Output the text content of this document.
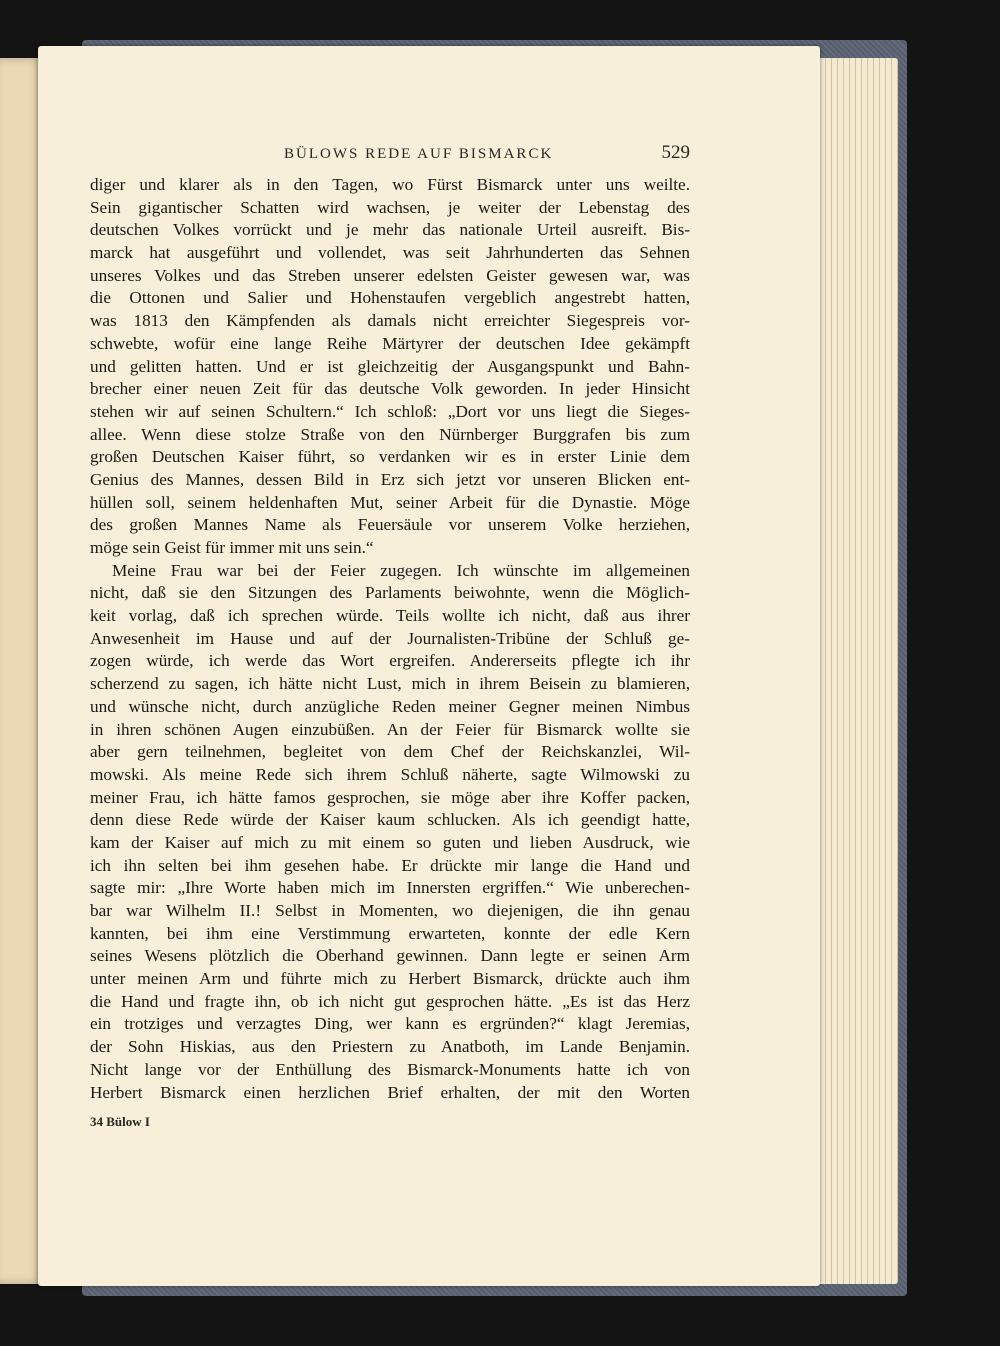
BÜLOWS REDE AUF BISMARCK	529
diger und klarer als in den Tagen, wo Fürst Bismarck unter uns weilte.
Sein gigantischer Schatten wird wachsen, je weiter der Lebenstag des
deutschen Volkes vorrückt und je mehr das nationale Urteil ausreift. Bis-
marck hat ausgeführt und vollendet, was seit Jahrhunderten das Sehnen
unseres Volkes und das Streben unserer edelsten Geister gewesen war, was
die Ottonen und Salier und Hohenstaufen vergeblich angestrebt hatten,
was 1813 den Kämpfenden als damals nicht erreichter Siegespreis vor-
schwebte, wofür eine lange Reihe Märtyrer der deutschen Idee gekämpft
und gelitten hatten. Und er ist gleichzeitig der Ausgangspunkt und Bahn-
brecher einer neuen Zeit für das deutsche Volk geworden. In jeder Hinsicht
stehen wir auf seinen Schultern.“ Ich schloß: „Dort vor uns liegt die Sieges-
allee. Wenn diese stolze Straße von den Nürnberger Burggrafen bis zum
großen Deutschen Kaiser führt, so verdanken wir es in erster Linie dem
Genius des Mannes, dessen Bild in Erz sich jetzt vor unseren Blicken ent-
hüllen soll, seinem heldenhaften Mut, seiner Arbeit für die Dynastie. Möge
des großen Mannes Name als Feuersäule vor unserem Volke herziehen,
möge sein Geist für immer mit uns sein.“
Meine Frau war bei der Feier zugegen. Ich wünschte im allgemeinen
nicht, daß sie den Sitzungen des Parlaments beiwohnte, wenn die Möglich-
keit vorlag, daß ich sprechen würde. Teils wollte ich nicht, daß aus ihrer
Anwesenheit im Hause und auf der Journalisten-Tribüne der Schluß ge-
zogen würde, ich werde das Wort ergreifen. Andererseits pflegte ich ihr
scherzend zu sagen, ich hätte nicht Lust, mich in ihrem Beisein zu blamieren,
und wünsche nicht, durch anzügliche Reden meiner Gegner meinen Nimbus
in ihren schönen Augen einzubüßen. An der Feier für Bismarck wollte sie
aber gern teilnehmen, begleitet von dem Chef der Reichskanzlei, Wil-
mowski. Als meine Rede sich ihrem Schluß näherte, sagte Wilmowski zu
meiner Frau, ich hätte famos gesprochen, sie möge aber ihre Koffer packen,
denn diese Rede würde der Kaiser kaum schlucken. Als ich geendigt hatte,
kam der Kaiser auf mich zu mit einem so guten und lieben Ausdruck, wie
ich ihn selten bei ihm gesehen habe. Er drückte mir lange die Hand und
sagte mir: „Ihre Worte haben mich im Innersten ergriffen.“ Wie unberechen-
bar war Wilhelm II.! Selbst in Momenten, wo diejenigen, die ihn genau
kannten, bei ihm eine Verstimmung erwarteten, konnte der edle Kern
seines Wesens plötzlich die Oberhand gewinnen. Dann legte er seinen Arm
unter meinen Arm und führte mich zu Herbert Bismarck, drückte auch ihm
die Hand und fragte ihn, ob ich nicht gut gesprochen hätte. „Es ist das Herz
ein trotziges und verzagtes Ding, wer kann es ergründen?“ klagt Jeremias,
der Sohn Hiskias, aus den Priestern zu Anatboth, im Lande Benjamin.
Nicht lange vor der Enthüllung des Bismarck-Monuments hatte ich von
Herbert Bismarck einen herzlichen Brief erhalten, der mit den Worten
34 Bülow I
